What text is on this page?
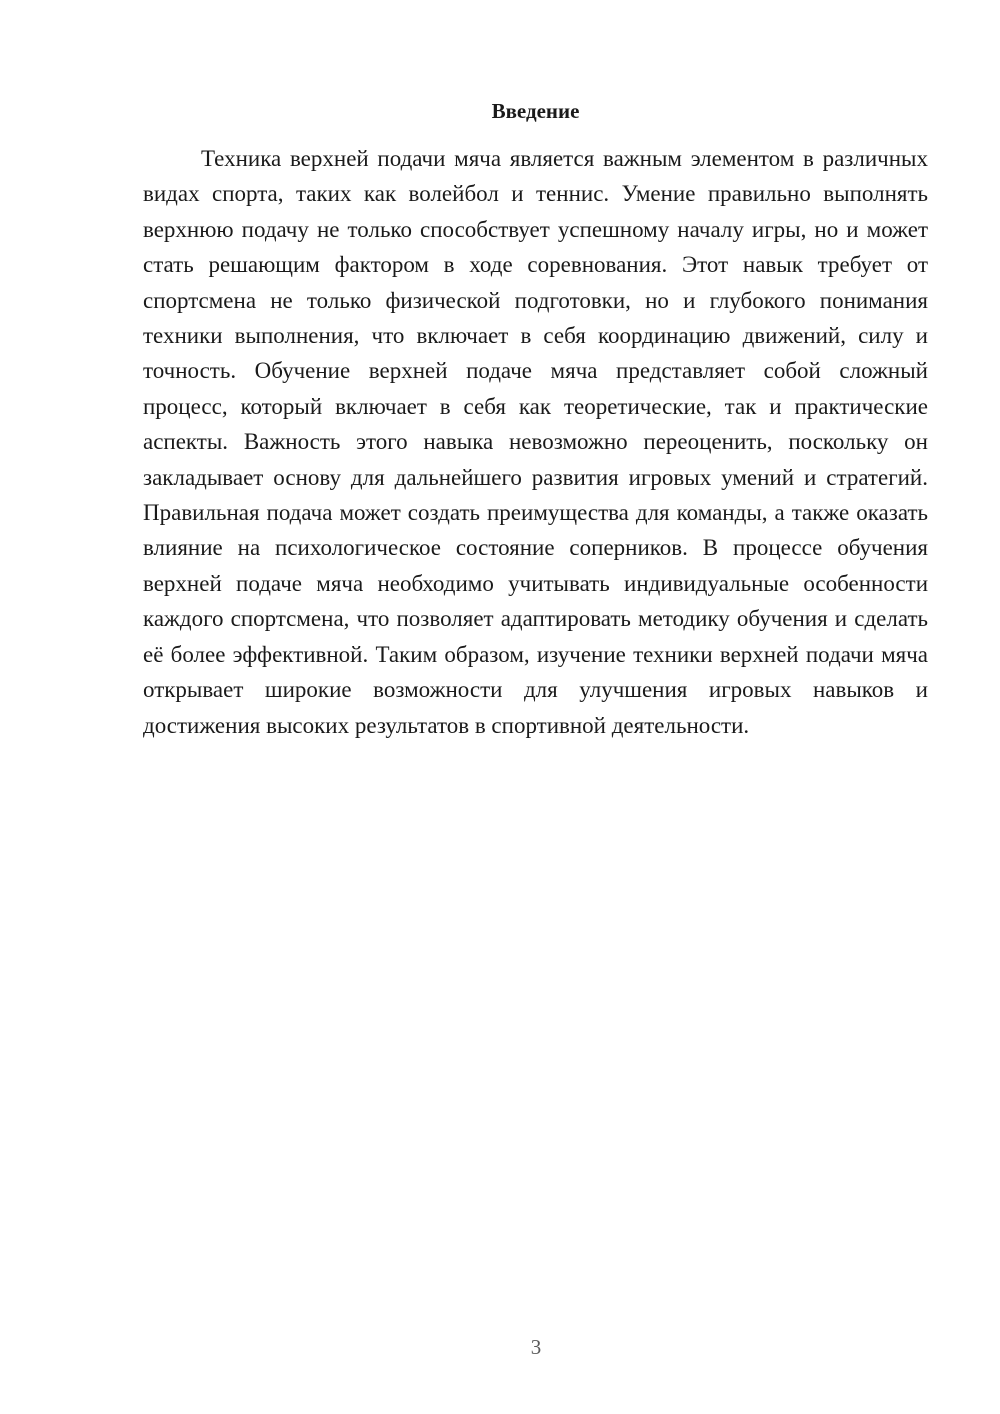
Введение

Техника верхней подачи мяча является важным элементом в различных видах спорта, таких как волейбол и теннис. Умение правильно выполнять верхнюю подачу не только способствует успешному началу игры, но и может стать решающим фактором в ходе соревнования. Этот навык требует от спортсмена не только физической подготовки, но и глубокого понимания техники выполнения, что включает в себя координацию движений, силу и точность. Обучение верхней подаче мяча представляет собой сложный процесс, который включает в себя как теоретические, так и практические аспекты. Важность этого навыка невозможно переоценить, поскольку он закладывает основу для дальнейшего развития игровых умений и стратегий. Правильная подача может создать преимущества для команды, а также оказать влияние на психологическое состояние соперников. В процессе обучения верхней подаче мяча необходимо учитывать индивидуальные особенности каждого спортсмена, что позволяет адаптировать методику обучения и сделать её более эффективной. Таким образом, изучение техники верхней подачи мяча открывает широкие возможности для улучшения игровых навыков и достижения высоких результатов в спортивной деятельности.

3
